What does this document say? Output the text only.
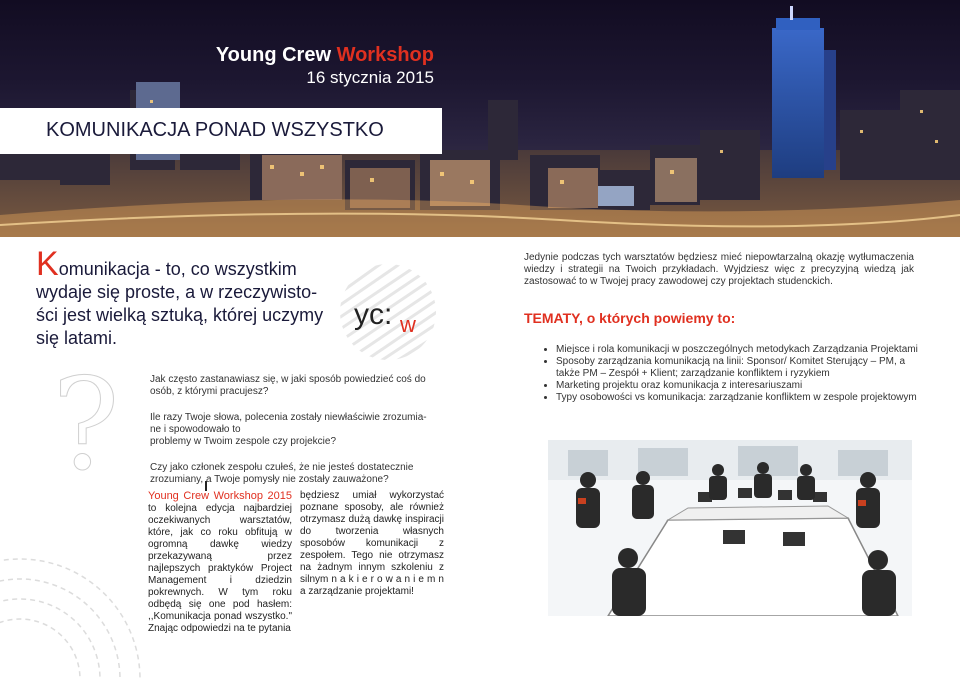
Young Crew Workshop
16 stycznia 2015
KOMUNIKACJA PONAD WSZYSTKO
Komunikacja - to, co wszystkim
wydaje się proste, a w rzeczywisto-
ści jest wielką sztuką, której uczymy
się latami.
yc: w
?	Jak często zastanawiasz się, w jaki sposób powiedzieć coś do
osób, z którymi pracujesz?

Ile razy Twoje słowa, polecenia zostały niewłaściwie zrozumia-
ne i spowodowało to
problemy w Twoim zespole czy projekcie?

Czy jako członek zespołu czułeś, że nie jesteś dostatecznie
zrozumiany, a Twoje pomysły nie zostały zauważone?

Young Crew Workshop 2015 to kolejna edycja najbardziej oczekiwanych warsztatów, które, jak co roku obfitują w ogromną dawkę wiedzy przekazywaną przez najlepszych praktyków Project Management i dziedzin pokrewnych. W tym roku odbędą się one pod hasłem: ,,Komunikacja ponad wszystko." Znając odpowiedzi na te pytania
będziesz umiał wykorzystać poznane sposoby, ale również otrzymasz dużą dawkę inspiracji do tworzenia własnych sposobów komunikacji z zespołem. Tego nie otrzymasz na żadnym innym szkoleniu z silnym n a k i e r o w a n i e m n a zarządzanie projektami!
Jedynie podczas tych warsztatów będziesz mieć niepowtarzalną okazję wytłumaczenia wiedzy i strategii na Twoich przykładach. Wyjdziesz więc z precyzyjną wiedzą jak zastosować to w Twojej pracy zawodowej czy projektach studenckich.
TEMATY, o których powiemy to:
• Miejsce i rola komunikacji w poszczególnych metodykach Zarządzania Projektami
• Sposoby zarządzania komunikacją na linii: Sponsor/ Komitet Sterujący – PM, a także PM – Zespół + Klient; zarządzanie konfliktem i ryzykiem
• Marketing projektu oraz komunikacja z interesariuszami
• Typy osobowości vs komunikacja: zarządzanie konfliktem w zespole projektowym
